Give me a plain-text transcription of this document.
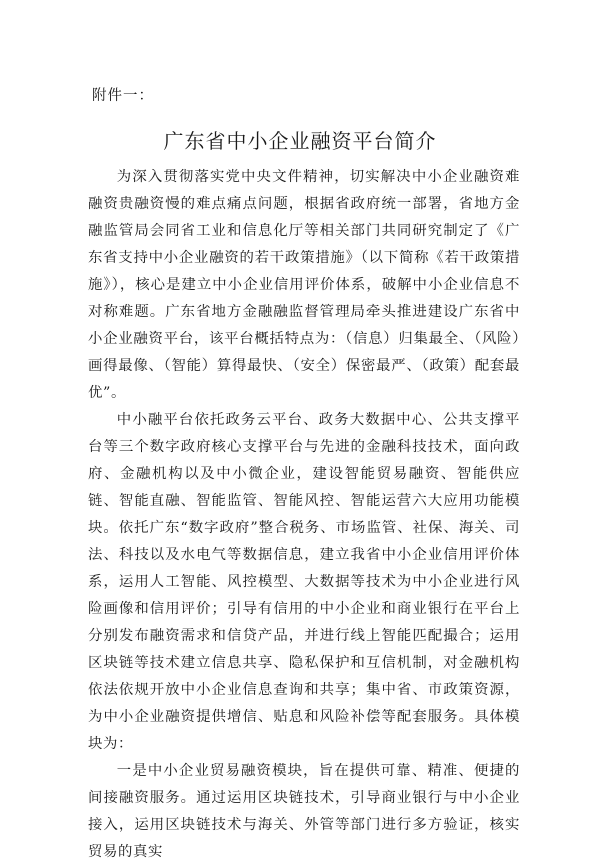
附件一：
广东省中小企业融资平台简介

为深入贯彻落实党中央文件精神，切实解决中小企业融资难融资贵融资慢的难点痛点问题，根据省政府统一部署，省地方金融监管局会同省工业和信息化厅等相关部门共同研究制定了《广东省支持中小企业融资的若干政策措施》（以下简称《若干政策措施》），核心是建立中小企业信用评价体系，破解中小企业信息不对称难题。广东省地方金融融监督管理局牵头推进建设广东省中小企业融资平台，该平台概括特点为：（信息）归集最全、（风险）画得最像、（智能）算得最快、（安全）保密最严、（政策）配套最优”。

中小融平台依托政务云平台、政务大数据中心、公共支撑平台等三个数字政府核心支撑平台与先进的金融科技技术，面向政府、金融机构以及中小微企业，建设智能贸易融资、智能供应链、智能直融、智能监管、智能风控、智能运营六大应用功能模块。依托广东“数字政府”整合税务、市场监管、社保、海关、司法、科技以及水电气等数据信息，建立我省中小企业信用评价体系，运用人工智能、风控模型、大数据等技术为中小企业进行风险画像和信用评价；引导有信用的中小企业和商业银行在平台上分别发布融资需求和信贷产品，并进行线上智能匹配撮合；运用区块链等技术建立信息共享、隐私保护和互信机制，对金融机构依法依规开放中小企业信息查询和共享；集中省、市政策资源，为中小企业融资提供增信、贴息和风险补偿等配套服务。具体模块为：

一是中小企业贸易融资模块，旨在提供可靠、精准、便捷的间接融资服务。通过运用区块链技术，引导商业银行与中小企业接入，运用区块链技术与海关、外管等部门进行多方验证，核实贸易的真实
